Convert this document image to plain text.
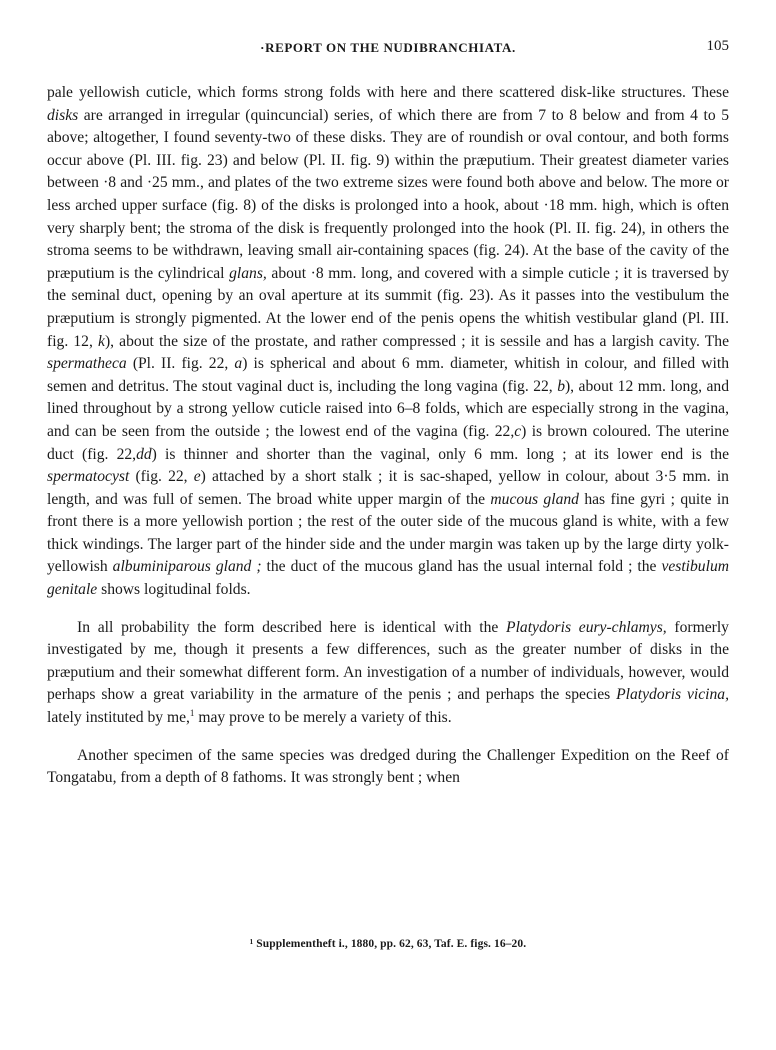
·REPORT ON THE NUDIBRANCHIATA.	105

pale yellowish cuticle, which forms strong folds with here and there scattered disk-like structures. These disks are arranged in irregular (quincuncial) series, of which there are from 7 to 8 below and from 4 to 5 above; altogether, I found seventy-two of these disks. They are of roundish or oval contour, and both forms occur above (Pl. III. fig. 23) and below (Pl. II. fig. 9) within the præputium. Their greatest diameter varies between ·8 and ·25 mm., and plates of the two extreme sizes were found both above and below. The more or less arched upper surface (fig. 8) of the disks is prolonged into a hook, about ·18 mm. high, which is often very sharply bent; the stroma of the disk is frequently prolonged into the hook (Pl. II. fig. 24), in others the stroma seems to be withdrawn, leaving small air-containing spaces (fig. 24). At the base of the cavity of the præputium is the cylindrical glans, about ·8 mm. long, and covered with a simple cuticle ; it is traversed by the seminal duct, opening by an oval aperture at its summit (fig. 23). As it passes into the vestibulum the præputium is strongly pigmented. At the lower end of the penis opens the whitish vestibular gland (Pl. III. fig. 12, k), about the size of the prostate, and rather compressed ; it is sessile and has a largish cavity. The spermatheca (Pl. II. fig. 22, a) is spherical and about 6 mm. diameter, whitish in colour, and filled with semen and detritus. The stout vaginal duct is, including the long vagina (fig. 22, b), about 12 mm. long, and lined throughout by a strong yellow cuticle raised into 6–8 folds, which are especially strong in the vagina, and can be seen from the outside ; the lowest end of the vagina (fig. 22,c) is brown coloured. The uterine duct (fig. 22,dd) is thinner and shorter than the vaginal, only 6 mm. long ; at its lower end is the spermatocyst (fig. 22, e) attached by a short stalk ; it is sac-shaped, yellow in colour, about 3·5 mm. in length, and was full of semen. The broad white upper margin of the mucous gland has fine gyri ; quite in front there is a more yellowish portion ; the rest of the outer side of the mucous gland is white, with a few thick windings. The larger part of the hinder side and the under margin was taken up by the large dirty yolk-yellowish albuminiparous gland ; the duct of the mucous gland has the usual internal fold ; the vestibulum genitale shows logitudinal folds.

In all probability the form described here is identical with the Platydoris eury-chlamys, formerly investigated by me, though it presents a few differences, such as the greater number of disks in the præputium and their somewhat different form. An investigation of a number of individuals, however, would perhaps show a great variability in the armature of the penis ; and perhaps the species Platydoris vicina, lately instituted by me,$^1$ may prove to be merely a variety of this.

Another specimen of the same species was dredged during the Challenger Expedition on the Reef of Tongatabu, from a depth of 8 fathoms. It was strongly bent ; when

¹ Supplementheft i., 1880, pp. 62, 63, Taf. E. figs. 16–20.
